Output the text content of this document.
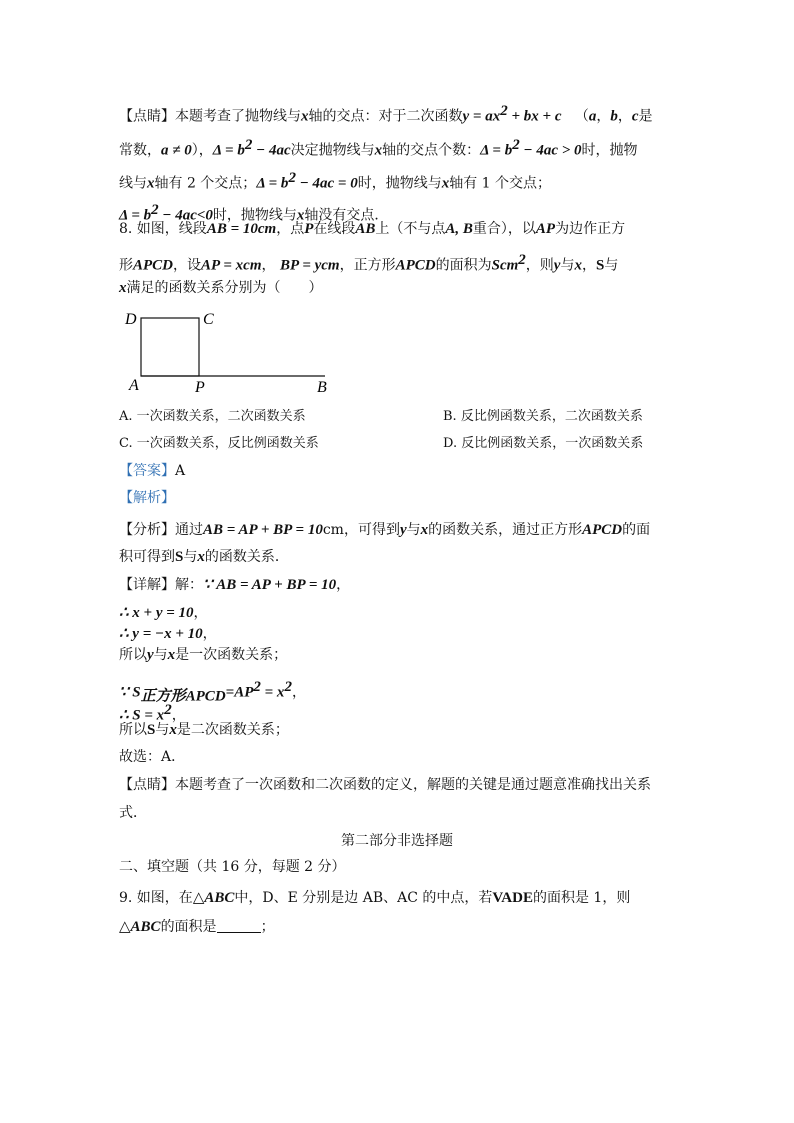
【点睛】本题考查了抛物线与x轴的交点：对于二次函数$y = ax^2$ + bx + c （a，b，c是
常数，a ≠ 0），$\Delta = b^2 - 4ac$决定抛物线与x轴的交点个数：$\Delta = b^2 - 4ac > 0$时，抛物
线与x轴有 2 个交点；$\Delta = b^2 - 4ac = 0$时，抛物线与x轴有 1 个交点；
$\Delta = b^2 - 4ac<0$时，抛物线与x轴没有交点．
8. 如图，线段AB = 10cm，点P在线段AB上（不与点A, B重合），以AP为边作正方
形APCD，设AP = xcm， BP = ycm，正方形APCD的面积为Scm$^2$，则y与x，S与
x满足的函数关系分别为（　　）
D	C
A	P	B
A. 一次函数关系，二次函数关系	B. 反比例函数关系，二次函数关系
C. 一次函数关系，反比例函数关系	D. 反比例函数关系，一次函数关系
【答案】A
【解析】
【分析】通过AB = AP + BP = 10cm，可得到y与x的函数关系，通过正方形APCD的面
积可得到S与x的函数关系．
【详解】解：∵ AB = AP + BP = 10，
∴ x + y = 10，
∴ y = −x + 10，
所以y与x是一次函数关系；
∵ $S_{正方形APCD}=AP^2 = x^2$，
∴ $S = x^2$，
所以S与x是二次函数关系；
故选：A．
【点睛】本题考查了一次函数和二次函数的定义，解题的关键是通过题意准确找出关系
式．
第二部分非选择题
二、填空题（共 16 分，每题 2 分）
9. 如图，在△ABC中，D、E 分别是边 AB、AC 的中点，若VADE的面积是 1，则
△ABC的面积是	；
